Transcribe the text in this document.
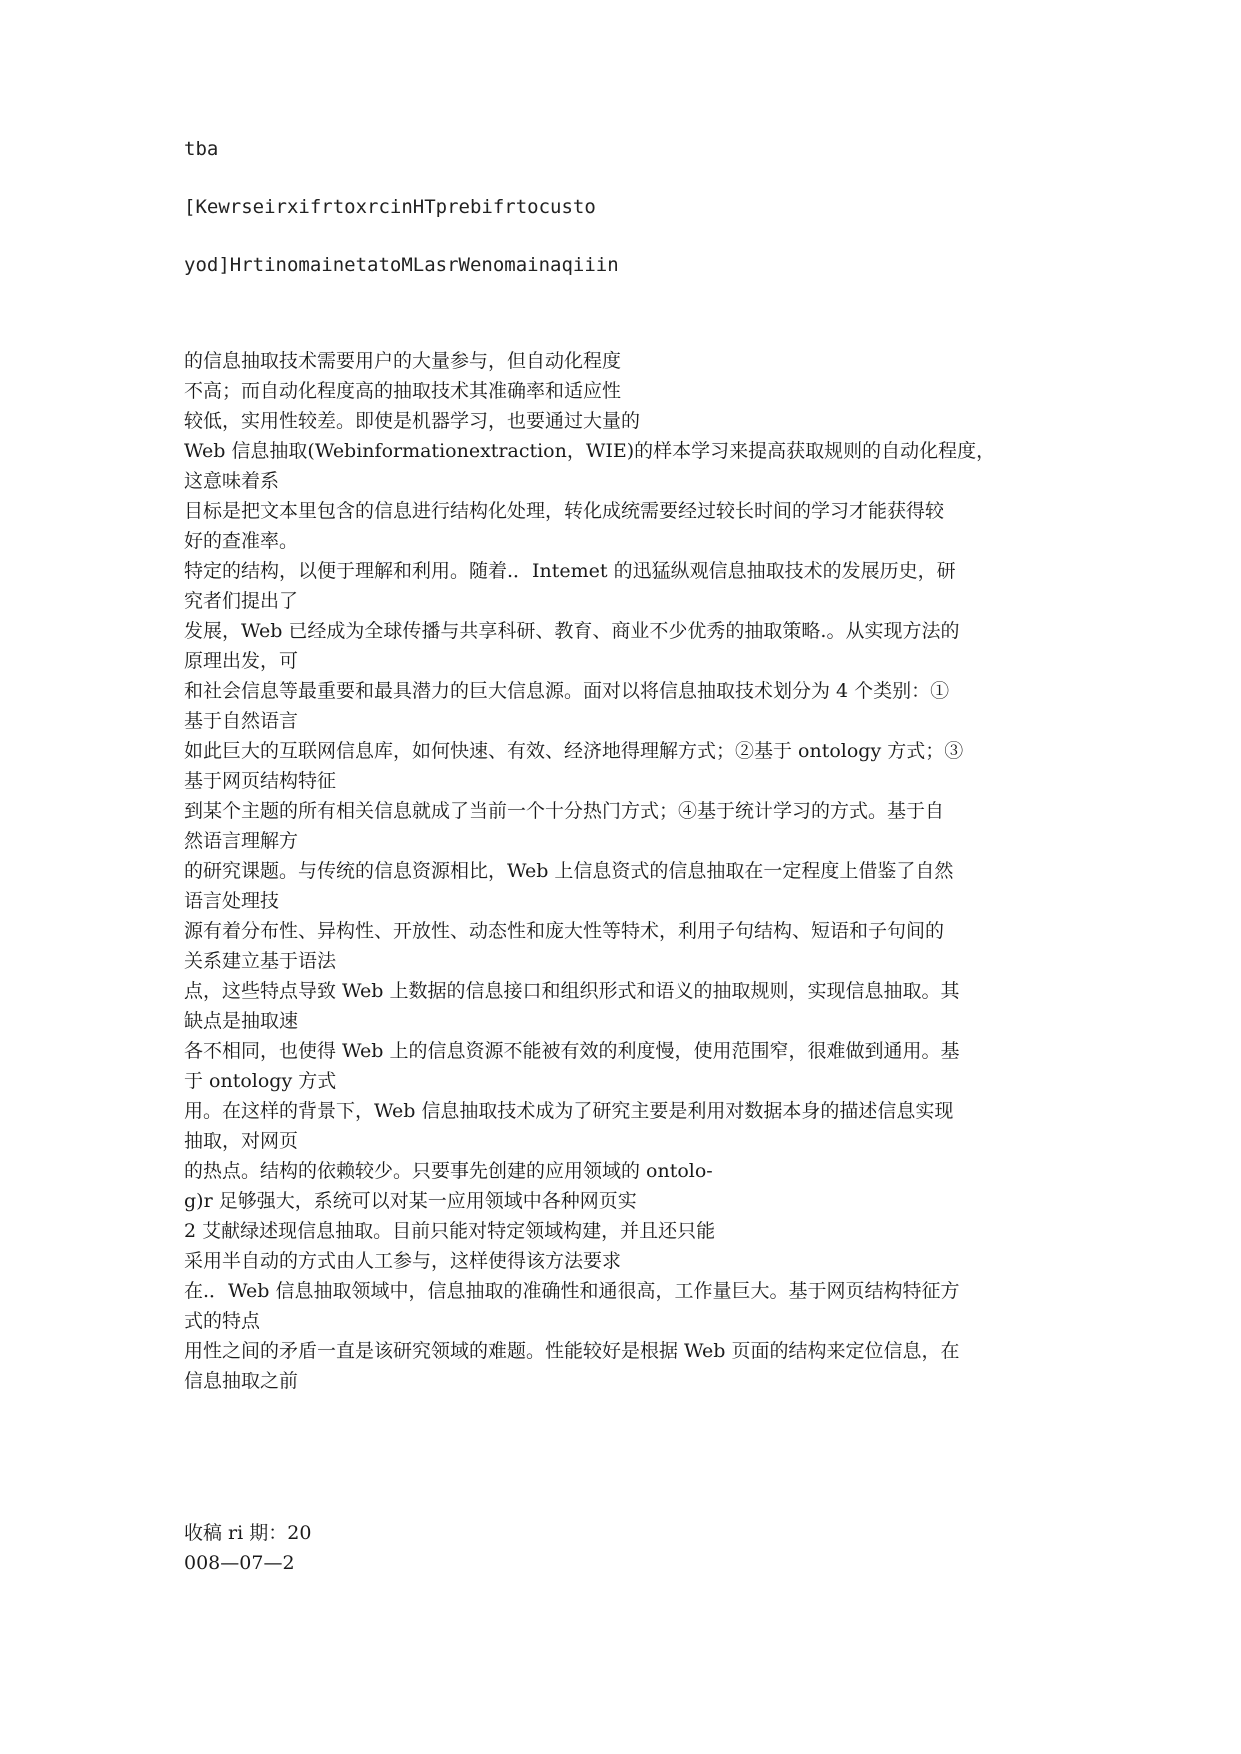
tba
[KewrseirxifrtoxrcinHTprebifrtocusto
yod]HrtinomainetatoMLasrWenomainaqiiin

的信息抽取技术需要用户的大量参与，但自动化程度

不高；而自动化程度高的抽取技术其准确率和适应性

较低，实用性较差。即使是机器学习，也要通过大量的

Web 信息抽取(Webinformationextraction，WIE)的样本学习来提高获取规则的自动化程度，

这意味着系

目标是把文本里包含的信息进行结构化处理，转化成统需要经过较长时间的学习才能获得较

好的查准率。

特定的结构，以便于理解和利用。随着.．Intemet 的迅猛纵观信息抽取技术的发展历史，研

究者们提出了

发展，Web 已经成为全球传播与共享科研、教育、商业不少优秀的抽取策略.。从实现方法的

原理出发，可

和社会信息等最重要和最具潜力的巨大信息源。面对以将信息抽取技术划分为 4 个类别：①

基于自然语言

如此巨大的互联网信息库，如何快速、有效、经济地得理解方式；②基于 ontology 方式；③

基于网页结构特征

到某个主题的所有相关信息就成了当前一个十分热门方式；④基于统计学习的方式。基于自

然语言理解方

的研究课题。与传统的信息资源相比，Web 上信息资式的信息抽取在一定程度上借鉴了自然

语言处理技

源有着分布性、异构性、开放性、动态性和庞大性等特术，利用子句结构、短语和子句间的

关系建立基于语法

点，这些特点导致 Web 上数据的信息接口和组织形式和语义的抽取规则，实现信息抽取。其

缺点是抽取速

各不相同，也使得 Web 上的信息资源不能被有效的利度慢，使用范围窄，很难做到通用。基

于 ontology 方式

用。在这样的背景下，Web 信息抽取技术成为了研究主要是利用对数据本身的描述信息实现

抽取，对网页

的热点。结构的依赖较少。只要事先创建的应用领域的 ontolo-

g)r 足够强大，系统可以对某一应用领域中各种网页实

2 艾献绿述现信息抽取。目前只能对特定领域构建，并且还只能

采用半自动的方式由人工参与，这样使得该方法要求

在.．Web 信息抽取领域中，信息抽取的准确性和通很高，工作量巨大。基于网页结构特征方

式的特点

用性之间的矛盾一直是该研究领域的难题。性能较好是根据 Web 页面的结构来定位信息，在

信息抽取之前

收稿 ri 期：20

008—07—2
